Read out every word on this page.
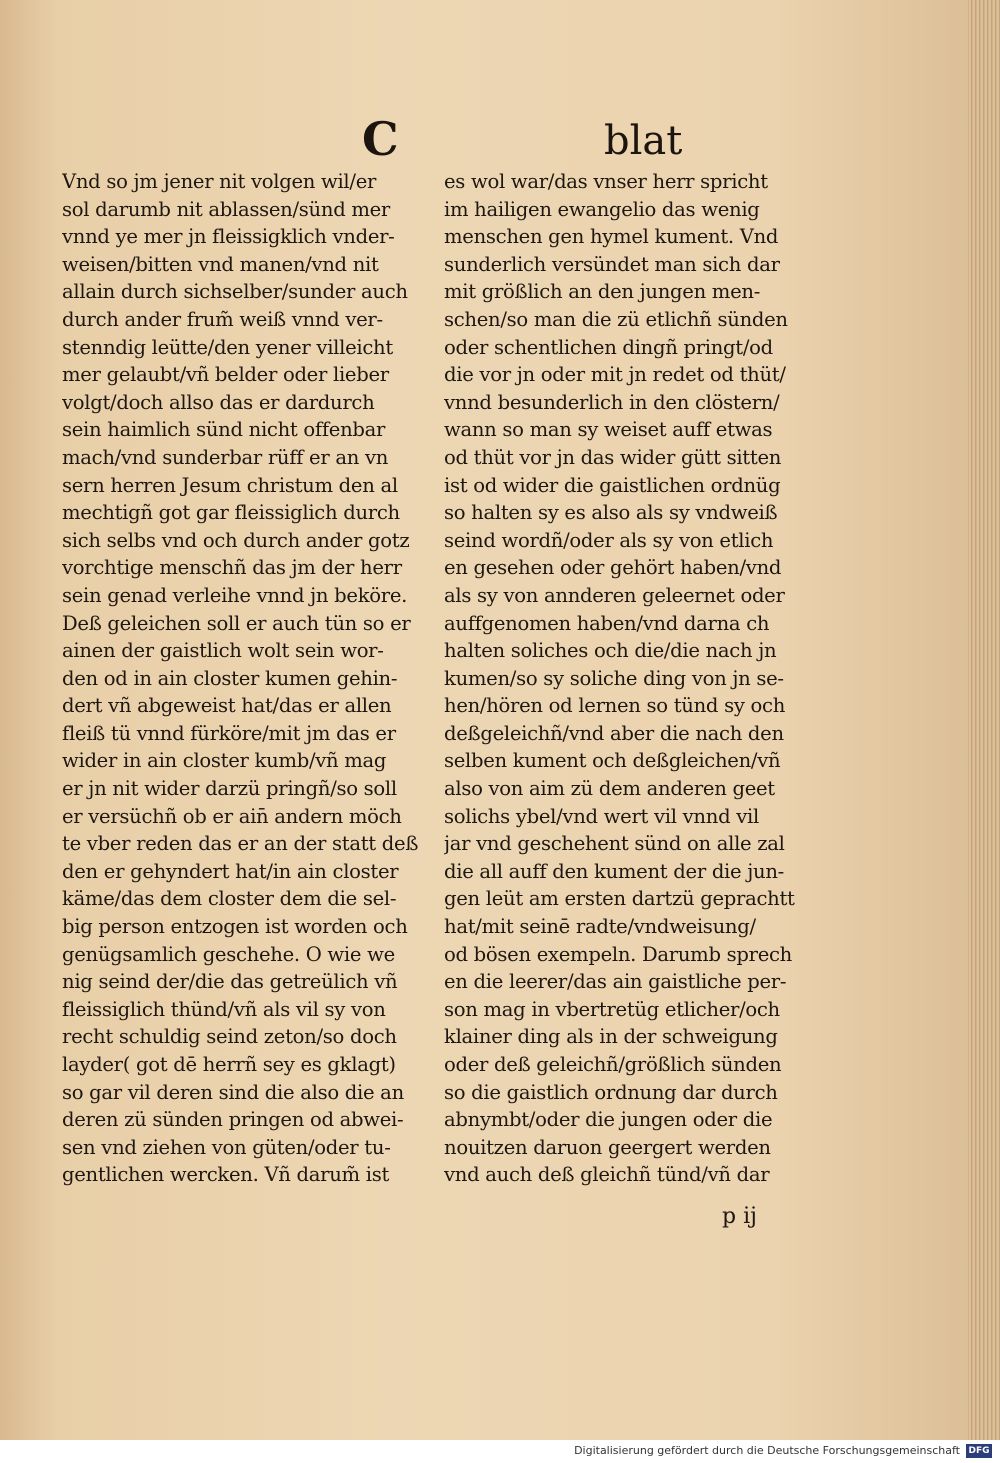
C	blat
Vnd so jm jener nit volgen wil/er
sol darumb nit ablassen/sünd mer
vnnd ye mer jn fleissigklich vnder-
weisen/bitten vnd manen/vnd nit
allain durch sichselber/sunder auch
durch ander frum̃ weiß vnnd ver-
stenndig leütte/den yener villeicht
mer gelaubt/vñ belder oder lieber
volgt/doch allso das er dardurch
sein haimlich sünd nicht offenbar
mach/vnd sunderbar rüff er an vn
sern herren Jesum christum den al
mechtigñ got gar fleissiglich durch
sich selbs vnd och durch ander gotz
vorchtige menschñ das jm der herr
sein genad verleihe vnnd jn beköre.
Deß geleichen soll er auch tün so er
ainen der gaistlich wolt sein wor-
den od in ain closter kumen gehin-
dert vñ abgeweist hat/das er allen
fleiß tü vnnd fürköre/mit jm das er
wider in ain closter kumb/vñ mag
er jn nit wider darzü pringñ/so soll
er versüchñ ob er ain̄ andern möch
te vber reden das er an der statt deß
den er gehyndert hat/in ain closter
käme/das dem closter dem die sel-
big person entzogen ist worden och
genügsamlich geschehe. O wie we
nig seind der/die das getreülich vñ
fleissiglich thünd/vñ als vil sy von
recht schuldig seind zeton/so doch
layder( got dē herrñ sey es gklagt)
so gar vil deren sind die also die an
deren zü sünden pringen od abwei-
sen vnd ziehen von güten/oder tu-
gentlichen wercken. Vñ darum̃ ist
es wol war/das vnser herr spricht
im hailigen ewangelio das wenig
menschen gen hymel kument. Vnd
sunderlich versündet man sich dar
mit größlich an den jungen men-
schen/so man die zü etlichñ sünden
oder schentlichen dingñ pringt/od
die vor jn oder mit jn redet od thüt/
vnnd besunderlich in den clöstern/
wann so man sy weiset auff etwas
od thüt vor jn das wider gütt sitten
ist od wider die gaistlichen ordnüg
so halten sy es also als sy vndweiß
seind wordñ/oder als sy von etlich
en gesehen oder gehört haben/vnd
als sy von annderen geleernet oder
auffgenomen haben/vnd darna ch
halten soliches och die/die nach jn
kumen/so sy soliche ding von jn se-
hen/hören od lernen so tünd sy och
deßgeleichñ/vnd aber die nach den
selben kument och deßgleichen/vñ
also von aim zü dem anderen geet
solichs ybel/vnd wert vil vnnd vil
jar vnd geschehent sünd on alle zal
die all auff den kument der die jun-
gen leüt am ersten dartzü geprachtt
hat/mit seinē radte/vndweisung/
od bösen exempeln. Darumb sprech
en die leerer/das ain gaistliche per-
son mag in vbertretüg etlicher/och
klainer ding als in der schweigung
oder deß geleichñ/größlich sünden
so die gaistlich ordnung dar durch
abnymbt/oder die jungen oder die
nouitzen daruon geergert werden
vnd auch deß gleichñ tünd/vñ dar
p ij
Digitalisierung gefördert durch die Deutsche Forschungsgemeinschaft DFG
